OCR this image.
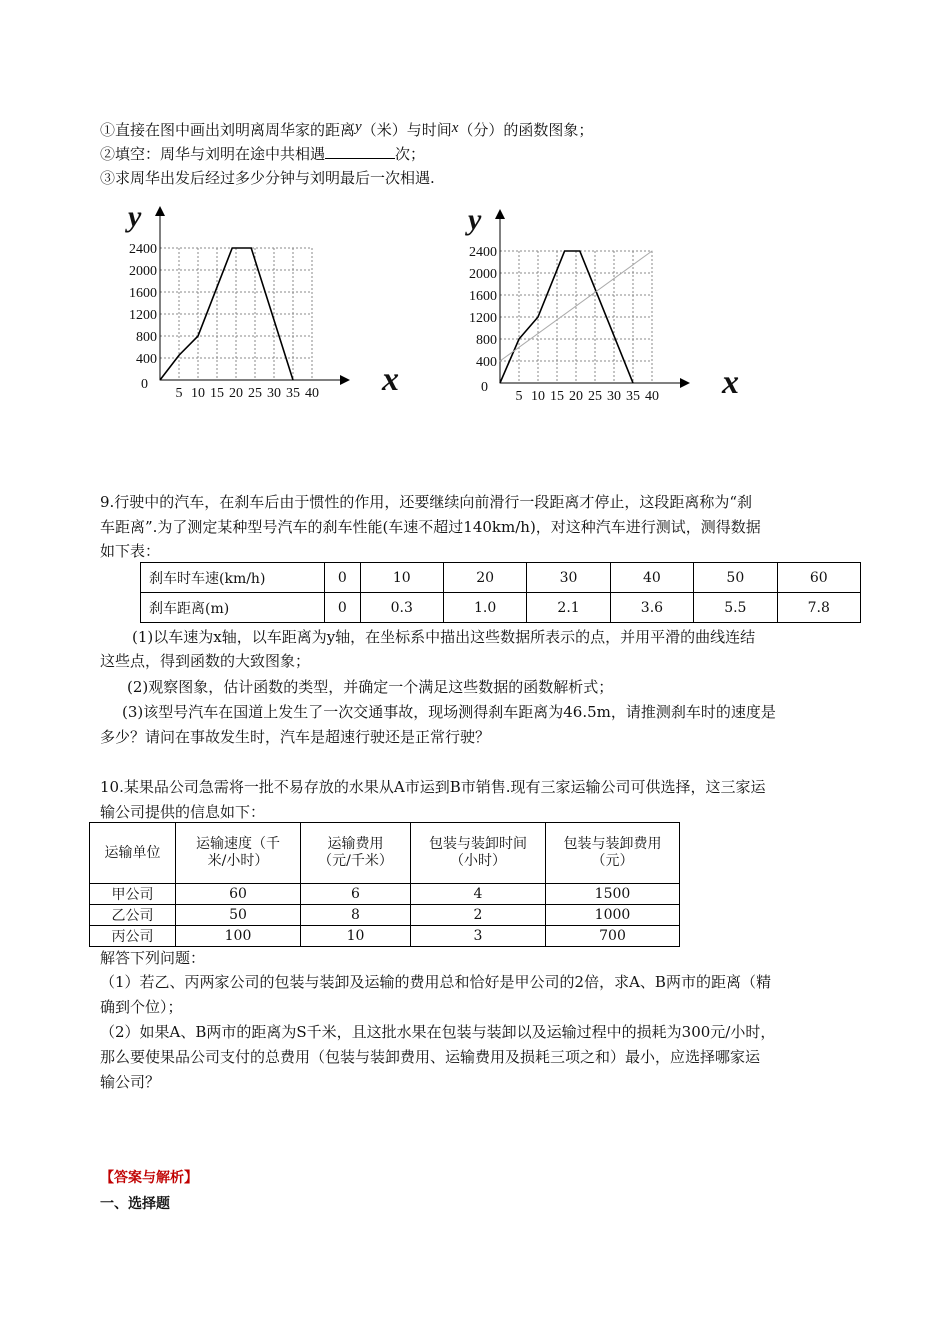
①直接在图中画出刘明离周华家的距离y（米）与时间x（分）的函数图象；
②填空：周华与刘明在途中共相遇	次；
③求周华出发后经过多少分钟与刘明最后一次相遇.
400
800
1200
1600
2000
2400
5 10 15 20 25 30 35 40
0
y
x	400
800
1200
1600
2000
2400
5 10 15 20 25 30 35 40
0
y
x
9.行驶中的汽车，在刹车后由于惯性的作用，还要继续向前滑行一段距离才停止，这段距离称为“刹
车距离”.为了测定某种型号汽车的刹车性能(车速不超过140km/h)，对这种汽车进行测试，测得数据
如下表：
刹车时车速(km/h)	0	10	20	30	40	50	60
刹车距离(m)	0	0.3	1.0	2.1	3.6	5.5	7.8
(1)以车速为x轴，以车距离为y轴，在坐标系中描出这些数据所表示的点，并用平滑的曲线连结
这些点，得到函数的大致图象；
(2)观察图象，估计函数的类型，并确定一个满足这些数据的函数解析式；
(3)该型号汽车在国道上发生了一次交通事故，现场测得刹车距离为46.5m，请推测刹车时的速度是
多少？请问在事故发生时，汽车是超速行驶还是正常行驶？
10.某果品公司急需将一批不易存放的水果从A市运到B市销售.现有三家运输公司可供选择，这三家运
输公司提供的信息如下：
运输单位	运输速度（千米/小时）	运输费用（元/千米）	包装与装卸时间（小时）	包装与装卸费用（元）
甲公司	60	6	4	1500
乙公司	50	8	2	1000
丙公司	100	10	3	700
解答下列问题：
（1）若乙、丙两家公司的包装与装卸及运输的费用总和恰好是甲公司的2倍，求A、B两市的距离（精
确到个位）；
（2）如果A、B两市的距离为S千米，且这批水果在包装与装卸以及运输过程中的损耗为300元/小时，
那么要使果品公司支付的总费用（包装与装卸费用、运输费用及损耗三项之和）最小，应选择哪家运
输公司？
【答案与解析】
一、选择题
